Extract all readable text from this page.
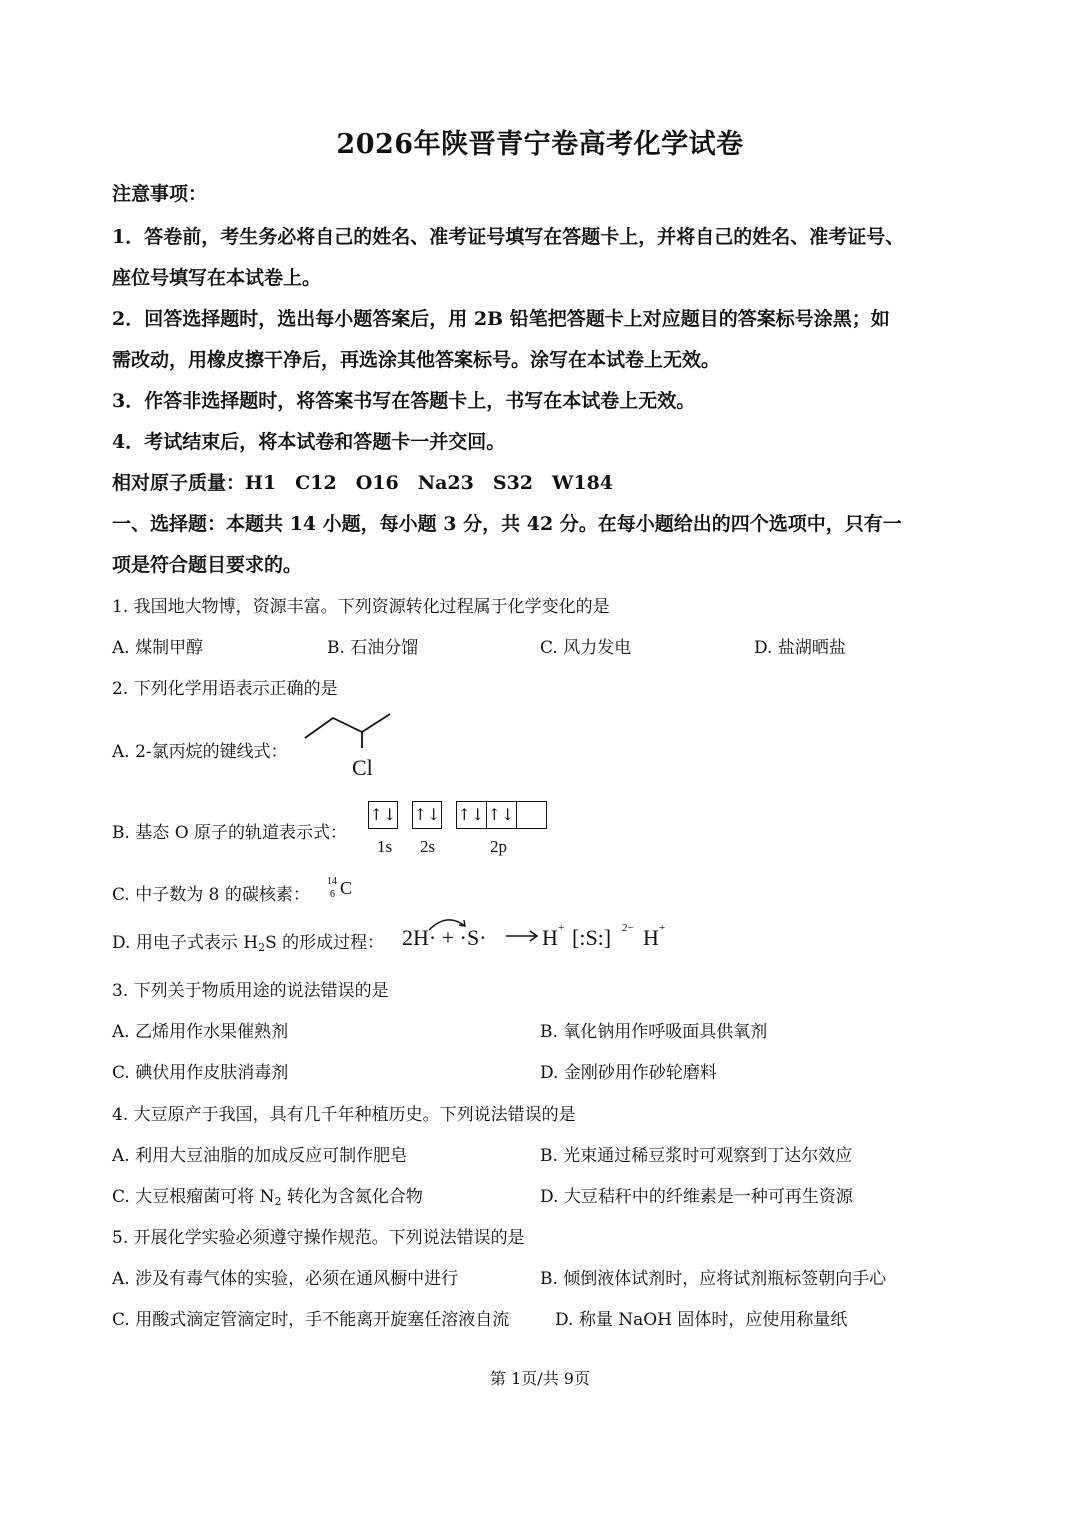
2026年陕晋青宁卷高考化学试卷
注意事项：
1．答卷前，考生务必将自己的姓名、准考证号填写在答题卡上，并将自己的姓名、准考证号、
座位号填写在本试卷上。
2．回答选择题时，选出每小题答案后，用 2B 铅笔把答题卡上对应题目的答案标号涂黑；如
需改动，用橡皮擦干净后，再选涂其他答案标号。涂写在本试卷上无效。
3．作答非选择题时，将答案书写在答题卡上，书写在本试卷上无效。
4．考试结束后，将本试卷和答题卡一并交回。
相对原子质量：H1　C12　O16　Na23　S32　W184
一、选择题：本题共 14 小题，每小题 3 分，共 42 分。在每小题给出的四个选项中，只有一
项是符合题目要求的。
1. 我国地大物博，资源丰富。下列资源转化过程属于化学变化的是
A. 煤制甲醇	B. 石油分馏	C. 风力发电	D. 盐湖晒盐
2. 下列化学用语表示正确的是
A. 2-氯丙烷的键线式：
Cl
B. 基态 O 原子的轨道表示式：
↑↓ ↑↓ ↑↓ ↑↓
1s 2s	2p
C. 中子数为 8 的碳核素：
14
6 C
D. 用电子式表示 $H_2S$ 的形成过程： 2H· + ·S· → H + [:S:] 2− H +
3. 下列关于物质用途的说法错误的是
A. 乙烯用作水果催熟剂	B. 氧化钠用作呼吸面具供氧剂
C. 碘伏用作皮肤消毒剂	D. 金刚砂用作砂轮磨料
4. 大豆原产于我国，具有几千年种植历史。下列说法错误的是
A. 利用大豆油脂的加成反应可制作肥皂	B. 光束通过稀豆浆时可观察到丁达尔效应
C. 大豆根瘤菌可将 $N_2$ 转化为含氮化合物	D. 大豆秸秆中的纤维素是一种可再生资源
5. 开展化学实验必须遵守操作规范。下列说法错误的是
A. 涉及有毒气体的实验，必须在通风橱中进行	B. 倾倒液体试剂时，应将试剂瓶标签朝向手心
C. 用酸式滴定管滴定时，手不能离开旋塞任溶液自流	D. 称量 NaOH 固体时，应使用称量纸
第 1页/共 9页
